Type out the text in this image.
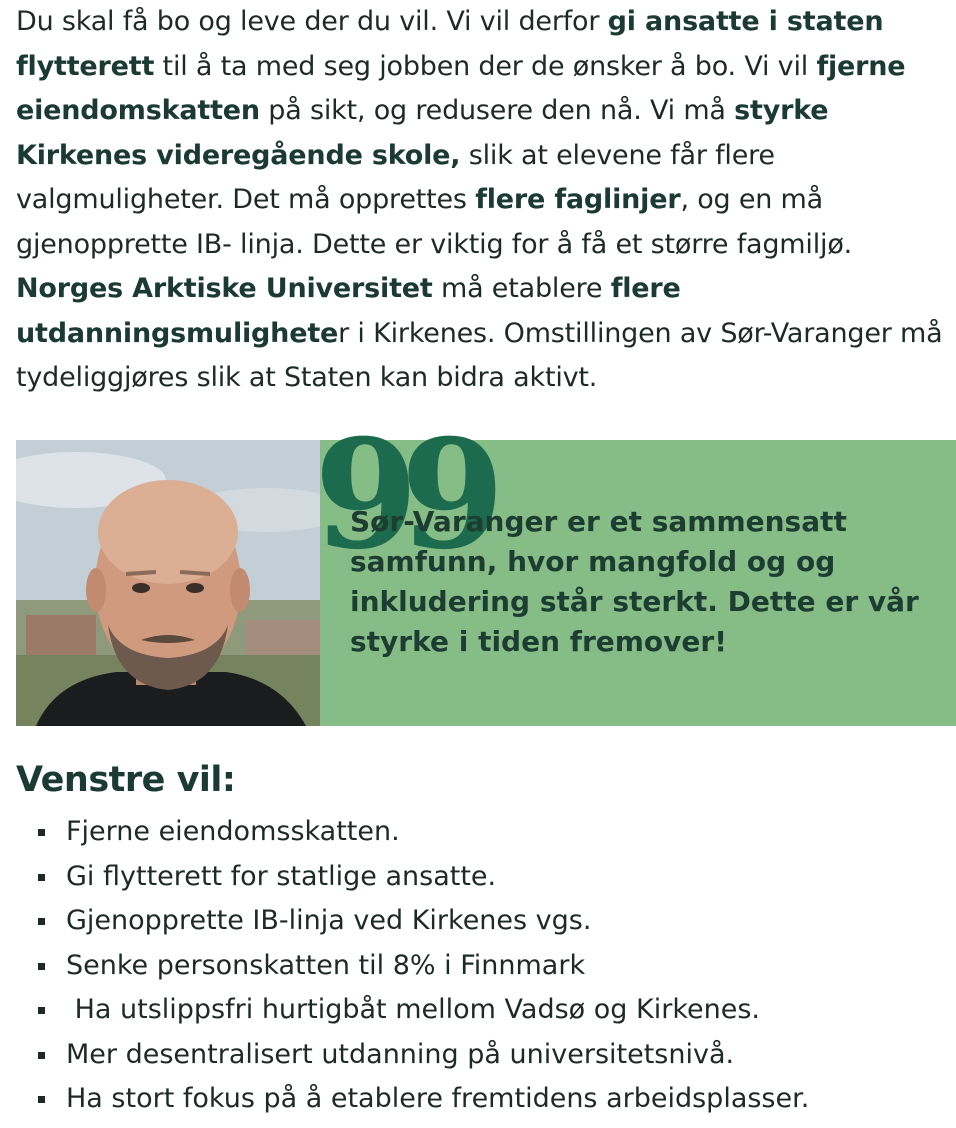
Du skal få bo og leve der du vil. Vi vil derfor gi ansatte i staten flytterett til å ta med seg jobben der de ønsker å bo. Vi vil fjerne eiendomskatten på sikt, og redusere den nå. Vi må styrke Kirkenes videregående skole, slik at elevene får flere valgmuligheter. Det må opprettes flere faglinjer, og en må gjenopprette IB- linja. Dette er viktig for å få et større fagmiljø. Norges Arktiske Universitet må etablere flere utdanningsmuligheter i Kirkenes. Omstillingen av Sør-Varanger må tydeliggjøres slik at Staten kan bidra aktivt.
99
Sør-Varanger er et sammensatt samfunn, hvor mangfold og og inkludering står sterkt. Dette er vår styrke i tiden fremover!
Venstre vil:
Fjerne eiendomsskatten.
Gi flytterett for statlige ansatte.
Gjenopprette IB-linja ved Kirkenes vgs.
Senke personskatten til 8% i Finnmark
Ha utslippsfri hurtigbåt mellom Vadsø og Kirkenes.
Mer desentralisert utdanning på universitetsnivå.
Ha stort fokus på å etablere fremtidens arbeidsplasser.
